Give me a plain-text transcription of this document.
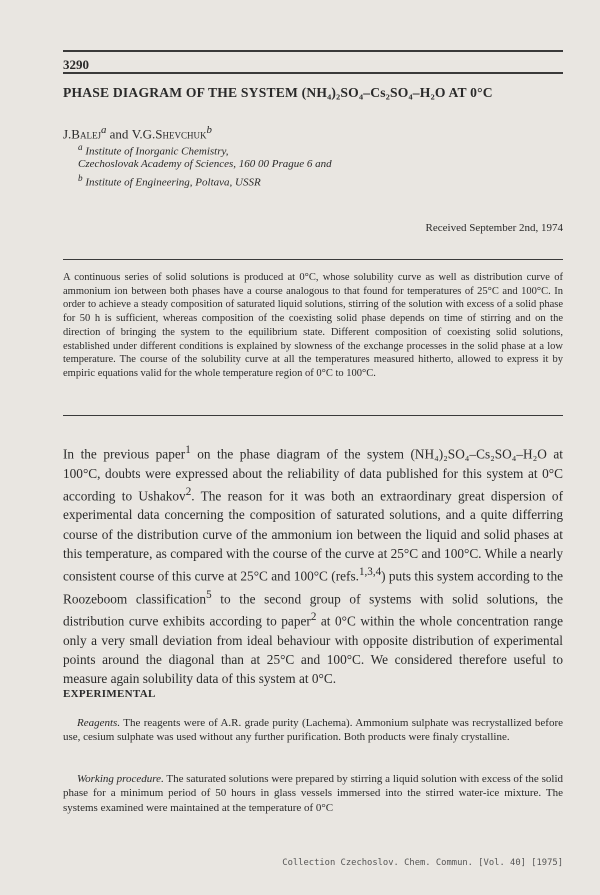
3290
PHASE DIAGRAM OF THE SYSTEM (NH₄)₂SO₄–Cs₂SO₄–H₂O AT 0°C
J.Balej$^a$ and V.G.Shevchuk$^b$
$^a$ Institute of Inorganic Chemistry,
Czechoslovak Academy of Sciences, 160 00 Prague 6 and
$^b$ Institute of Engineering, Poltava, USSR
Received September 2nd, 1974
A continuous series of solid solutions is produced at 0°C, whose solubility curve as well as distribution curve of ammonium ion between both phases have a course analogous to that found for temperatures of 25°C and 100°C. In order to achieve a steady composition of saturated liquid solutions, stirring of the solution with excess of a solid phase for 50 h is sufficient, whereas composition of the coexisting solid phase depends on time of stirring and on the direction of bringing the system to the equilibrium state. Different composition of coexisting solid solutions, established under different conditions is explained by slowness of the exchange processes in the solid phase at a low temperature. The course of the solubility curve at all the temperatures measured hitherto, allowed to express it by empiric equations valid for the whole temperature region of 0°C to 100°C.
In the previous paper$^1$ on the phase diagram of the system (NH₄)₂SO₄–Cs₂SO₄–H₂O at 100°C, doubts were expressed about the reliability of data published for this system at 0°C according to Ushakov$^2$. The reason for it was both an extraordinary great dispersion of experimental data concerning the composition of saturated solutions, and a quite differring course of the distribution curve of the ammonium ion between the liquid and solid phases at this temperature, as compared with the course of the curve at 25°C and 100°C. While a nearly consistent course of this curve at 25°C and 100°C (refs.$^{1,3,4}$) puts this system according to the Roozeboom classification$^5$ to the second group of systems with solid solutions, the distribution curve exhibits according to paper$^2$ at 0°C within the whole concentration range only a very small deviation from ideal behaviour with opposite distribution of experimental points around the diagonal than at 25°C and 100°C. We considered therefore useful to measure again solubility data of this system at 0°C.
EXPERIMENTAL
Reagents. The reagents were of A.R. grade purity (Lachema). Ammonium sulphate was recrystallized before use, cesium sulphate was used without any further purification. Both products were finaly crystalline.
Working procedure. The saturated solutions were prepared by stirring a liquid solution with excess of the solid phase for a minimum period of 50 hours in glass vessels immersed into the stirred water-ice mixture. The systems examined were maintained at the temperature of 0°C
Collection Czechoslov. Chem. Commun. [Vol. 40] [1975]
